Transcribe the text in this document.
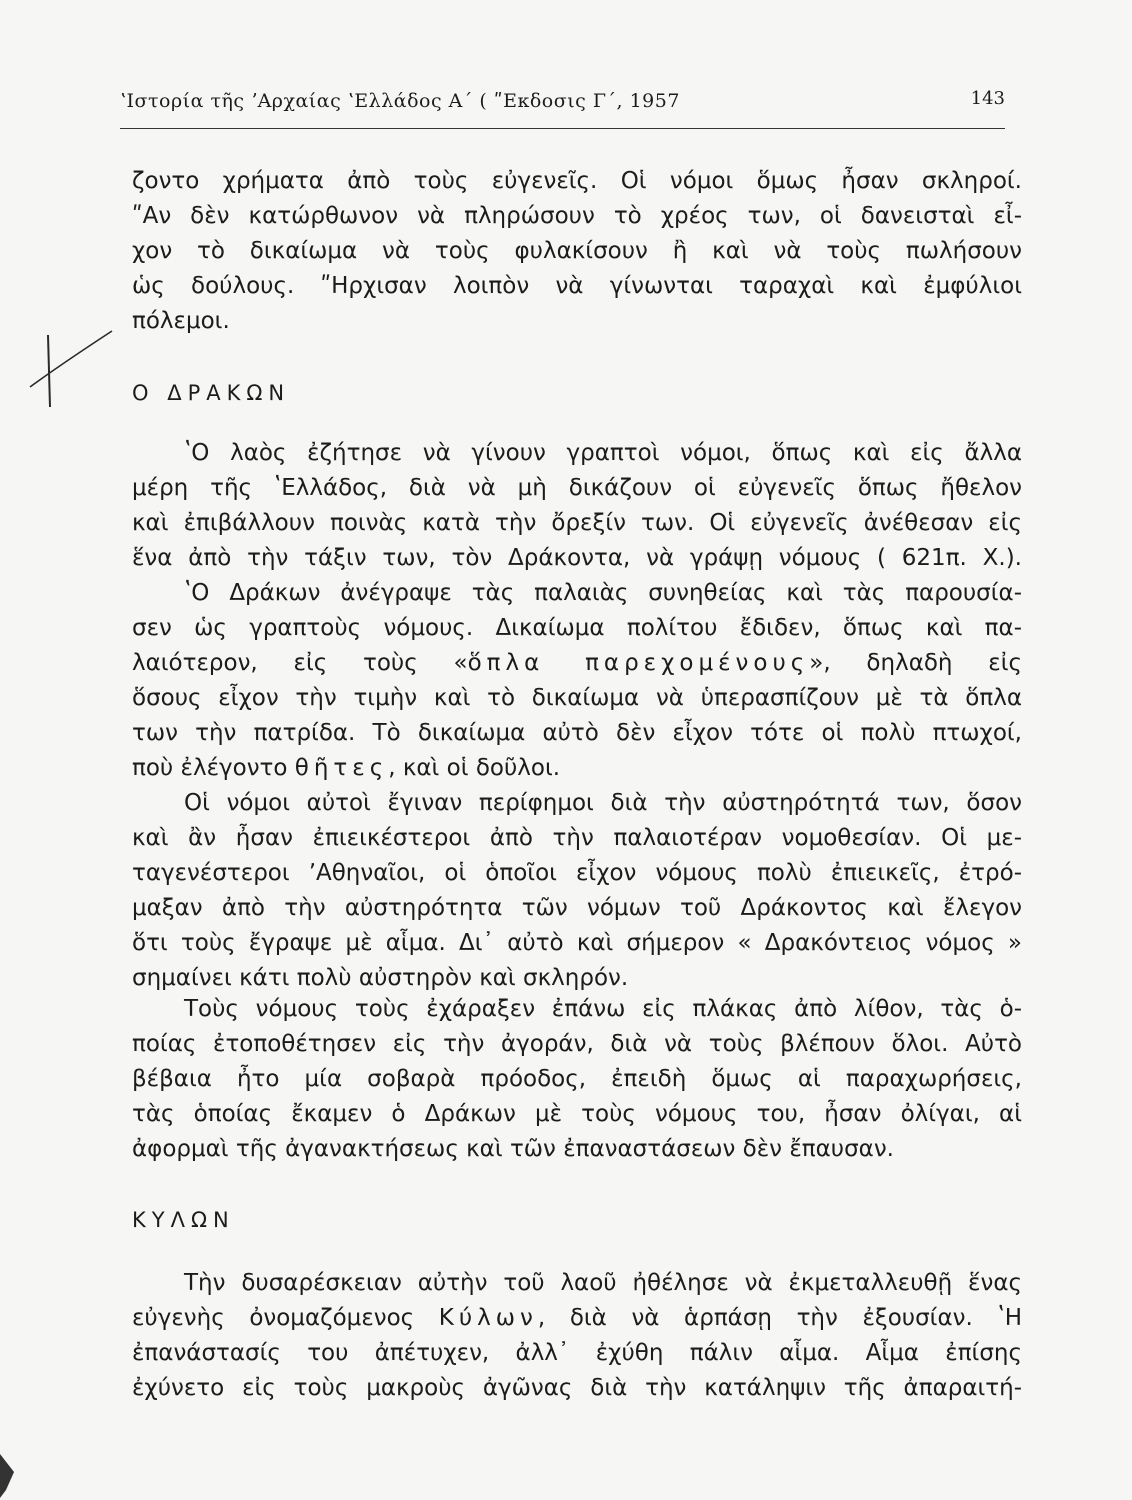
ʽΙστορία τῆς ʼΑρχαίας ʽΕλλάδος Α΄ ( ʺΕκδοσις Γ΄, 1957	143
ζοντο χρήματα ἀπὸ τοὺς εὐγενεῖς. Οἱ νόμοι ὅμως ἦσαν σκληροί.
ʺΑν δὲν κατώρθωνον νὰ πληρώσουν τὸ χρέος των, οἱ δανεισταὶ εἶ-
χον τὸ δικαίωμα νὰ τοὺς φυλακίσουν ἢ καὶ νὰ τοὺς πωλήσουν
ὡς δούλους. ʺΗρχισαν λοιπὸν νὰ γίνωνται ταραχαὶ καὶ ἐμφύλιοι
πόλεμοι.
Ο ΔΡΑΚΩΝ
ʽΟ λαὸς ἐζήτησε νὰ γίνουν γραπτοὶ νόμοι, ὅπως καὶ εἰς ἄλλα
μέρη τῆς ʽΕλλάδος, διὰ νὰ μὴ δικάζουν οἱ εὐγενεῖς ὅπως ἤθελον
καὶ ἐπιβάλλουν ποινὰς κατὰ τὴν ὄρεξίν των. Οἱ εὐγενεῖς ἀνέθεσαν εἰς
ἕνα ἀπὸ τὴν τάξιν των, τὸν Δράκοντα, νὰ γράψῃ νόμους ( 621π. Χ.).
ʽΟ Δράκων ἀνέγραψε τὰς παλαιὰς συνηθείας καὶ τὰς παρουσία-
σεν ὡς γραπτοὺς νόμους. Δικαίωμα πολίτου ἔδιδεν, ὅπως καὶ πα-
λαιότερον, εἰς τοὺς «ὅπλα παρεχομένους», δηλαδὴ εἰς
ὅσους εἶχον τὴν τιμὴν καὶ τὸ δικαίωμα νὰ ὑπερασπίζουν μὲ τὰ ὅπλα
των τὴν πατρίδα. Τὸ δικαίωμα αὐτὸ δὲν εἶχον τότε οἱ πολὺ πτωχοί,
ποὺ ἐλέγοντο θῆτες, καὶ οἱ δοῦλοι.
Οἱ νόμοι αὐτοὶ ἔγιναν περίφημοι διὰ τὴν αὐστηρότητά των, ὅσον
καὶ ἂν ἦσαν ἐπιεικέστεροι ἀπὸ τὴν παλαιοτέραν νομοθεσίαν. Οἱ με-
ταγενέστεροι ʼΑθηναῖοι, οἱ ὁποῖοι εἶχον νόμους πολὺ ἐπιεικεῖς, ἐτρό-
μαξαν ἀπὸ τὴν αὐστηρότητα τῶν νόμων τοῦ Δράκοντος καὶ ἔλεγον
ὅτι τοὺς ἔγραψε μὲ αἷμα. Δι᾽ αὐτὸ καὶ σήμερον « Δρακόντειος νόμος »
σημαίνει κάτι πολὺ αὐστηρὸν καὶ σκληρόν.
Τοὺς νόμους τοὺς ἐχάραξεν ἐπάνω εἰς πλάκας ἀπὸ λίθον, τὰς ὁ-
ποίας ἐτοποθέτησεν εἰς τὴν ἀγοράν, διὰ νὰ τοὺς βλέπουν ὅλοι. Αὐτὸ
βέβαια ἦτο μία σοβαρὰ πρόοδος, ἐπειδὴ ὅμως αἱ παραχωρήσεις,
τὰς ὁποίας ἔκαμεν ὁ Δράκων μὲ τοὺς νόμους του, ἦσαν ὀλίγαι, αἱ
ἀφορμαὶ τῆς ἀγανακτήσεως καὶ τῶν ἐπαναστάσεων δὲν ἔπαυσαν.
ΚΥΛΩΝ
Τὴν δυσαρέσκειαν αὐτὴν τοῦ λαοῦ ἠθέλησε νὰ ἐκμεταλλευθῇ ἕνας
εὐγενὴς ὀνομαζόμενος Κύλων, διὰ νὰ ἁρπάσῃ τὴν ἐξουσίαν. ʽΗ
ἐπανάστασίς του ἀπέτυχεν, ἀλλ᾽ ἐχύθη πάλιν αἷμα. Αἷμα ἐπίσης
ἐχύνετο εἰς τοὺς μακροὺς ἀγῶνας διὰ τὴν κατάληψιν τῆς ἀπαραιτή-
